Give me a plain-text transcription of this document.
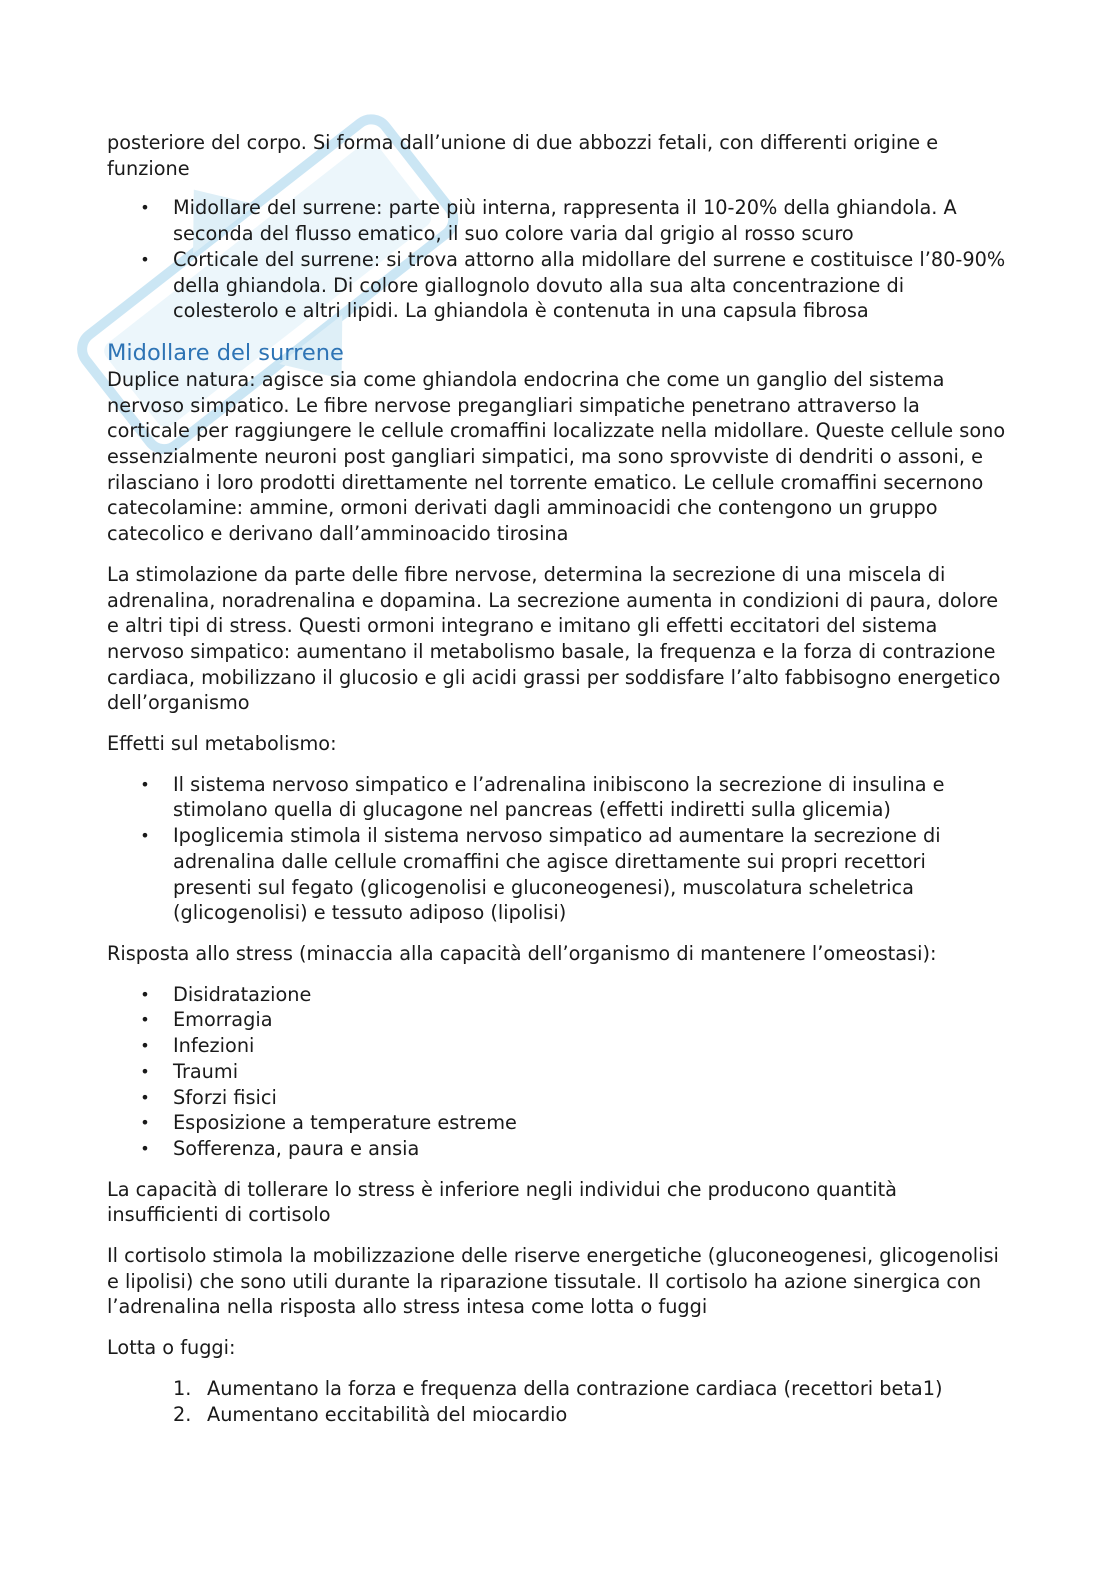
posteriore del corpo. Si forma dall’unione di due abbozzi fetali, con differenti origine e funzione

• Midollare del surrene: parte più interna, rappresenta il 10-20% della ghiandola. A seconda del flusso ematico, il suo colore varia dal grigio al rosso scuro
• Corticale del surrene: si trova attorno alla midollare del surrene e costituisce l’80-90% della ghiandola. Di colore giallognolo dovuto alla sua alta concentrazione di colesterolo e altri lipidi. La ghiandola è contenuta in una capsula fibrosa
Midollare del surrene

Duplice natura: agisce sia come ghiandola endocrina che come un ganglio del sistema nervoso simpatico. Le fibre nervose pregangliari simpatiche penetrano attraverso la corticale per raggiungere le cellule cromaffini localizzate nella midollare. Queste cellule sono essenzialmente neuroni post gangliari simpatici, ma sono sprovviste di dendriti o assoni, e rilasciano i loro prodotti direttamente nel torrente ematico. Le cellule cromaffini secernono catecolamine: ammine, ormoni derivati dagli amminoacidi che contengono un gruppo catecolico e derivano dall’amminoacido tirosina

La stimolazione da parte delle fibre nervose, determina la secrezione di una miscela di adrenalina, noradrenalina e dopamina. La secrezione aumenta in condizioni di paura, dolore e altri tipi di stress. Questi ormoni integrano e imitano gli effetti eccitatori del sistema nervoso simpatico: aumentano il metabolismo basale, la frequenza e la forza di contrazione cardiaca, mobilizzano il glucosio e gli acidi grassi per soddisfare l’alto fabbisogno energetico dell’organismo

Effetti sul metabolismo:

• Il sistema nervoso simpatico e l’adrenalina inibiscono la secrezione di insulina e stimolano quella di glucagone nel pancreas (effetti indiretti sulla glicemia)
• Ipoglicemia stimola il sistema nervoso simpatico ad aumentare la secrezione di adrenalina dalle cellule cromaffini che agisce direttamente sui propri recettori presenti sul fegato (glicogenolisi e gluconeogenesi), muscolatura scheletrica (glicogenolisi) e tessuto adiposo (lipolisi)

Risposta allo stress (minaccia alla capacità dell’organismo di mantenere l’omeostasi):

• Disidratazione
• Emorragia
• Infezioni
• Traumi
• Sforzi fisici
• Esposizione a temperature estreme
• Sofferenza, paura e ansia

La capacità di tollerare lo stress è inferiore negli individui che producono quantità insufficienti di cortisolo

Il cortisolo stimola la mobilizzazione delle riserve energetiche (gluconeogenesi, glicogenolisi e lipolisi) che sono utili durante la riparazione tissutale. Il cortisolo ha azione sinergica con l’adrenalina nella risposta allo stress intesa come lotta o fuggi

Lotta o fuggi:

1. Aumentano la forza e frequenza della contrazione cardiaca (recettori beta1)
2. Aumentano eccitabilità del miocardio
